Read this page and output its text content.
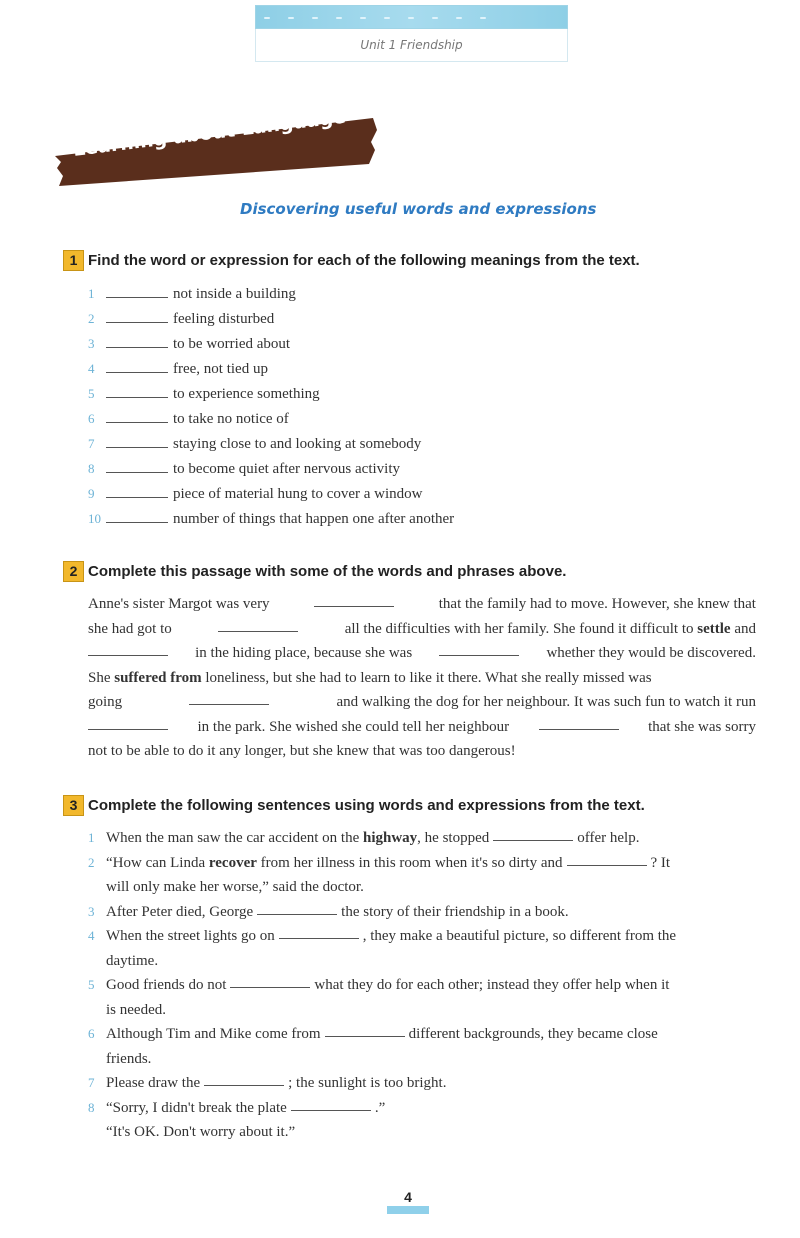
Unit 1 Friendship
Learning about Language
Discovering useful words and expressions
1 Find the word or expression for each of the following meanings from the text.
1	not inside a building
2	feeling disturbed
3	to be worried about
4	free, not tied up
5	to experience something
6	to take no notice of
7	staying close to and looking at somebody
8	to become quiet after nervous activity
9	piece of material hung to cover a window
10	number of things that happen one after another
2 Complete this passage with some of the words and phrases above.
Anne's sister Margot was very	that the family had to move. However, she knew that
she had got to	all the difficulties with her family. She found it difficult to settle and
in the hiding place, because she was	whether they would be discovered.
She suffered from loneliness, but she had to learn to like it there. What she really missed was
going	and walking the dog for her neighbour. It was such fun to watch it run
in the park. She wished she could tell her neighbour	that she was sorry
not to be able to do it any longer, but she knew that was too dangerous!
3 Complete the following sentences using words and expressions from the text.
1 When the man saw the car accident on the
highway , he stopped	offer help.
2 “How can Linda
recover
from her illness in this room when it's so dirty and	? It
will only make her worse,” said the doctor.
3 After Peter died, George	the story of their friendship in a book.
4 When the street lights go on	, they make a beautiful picture, so different from the
daytime.
5 Good friends do not	what they do for each other; instead they offer help when it
is needed.
6 Although Tim and Mike come from	different backgrounds, they became close
friends.
7 Please draw the	; the sunlight is too bright.
8 “Sorry, I didn't break the plate	.”
“It's OK. Don't worry about it.”
4
